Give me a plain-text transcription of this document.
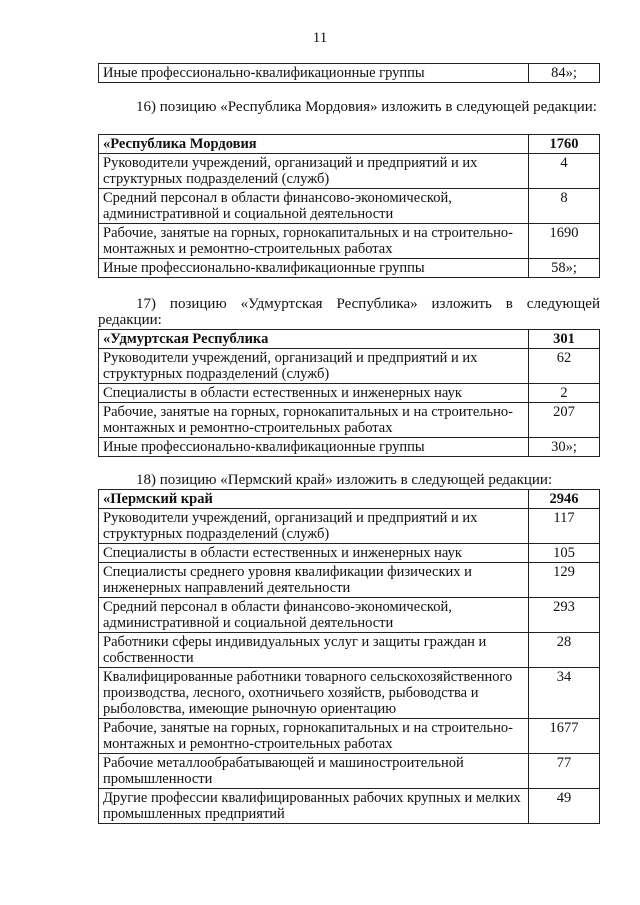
11
Иные профессионально-квалификационные группы	84»;

16) позицию «Республика Мордовия» изложить в следующей редакции:

«Республика Мордовия	1760
Руководители учреждений, организаций и предприятий и их структурных подразделений (служб)	4
Средний персонал в области финансово-экономической, административной и социальной деятельности	8
Рабочие, занятые на горных, горнокапитальных и на строительно-монтажных и ремонтно-строительных работах	1690
Иные профессионально-квалификационные группы	58»;

17) позицию «Удмуртская Республика» изложить в следующей редакции:

«Удмуртская Республика	301
Руководители учреждений, организаций и предприятий и их структурных подразделений (служб)	62
Специалисты в области естественных и инженерных наук	2
Рабочие, занятые на горных, горнокапитальных и на строительно-монтажных и ремонтно-строительных работах	207
Иные профессионально-квалификационные группы	30»;

18) позицию «Пермский край» изложить в следующей редакции:

«Пермский край	2946
Руководители учреждений, организаций и предприятий и их структурных подразделений (служб)	117
Специалисты в области естественных и инженерных наук	105
Специалисты среднего уровня квалификации физических и инженерных направлений деятельности	129
Средний персонал в области финансово-экономической, административной и социальной деятельности	293
Работники сферы индивидуальных услуг и защиты граждан и собственности	28
Квалифицированные работники товарного сельскохозяйственного производства, лесного, охотничьего хозяйств, рыбоводства и рыболовства, имеющие рыночную ориентацию	34
Рабочие, занятые на горных, горнокапитальных и на строительно-монтажных и ремонтно-строительных работах	1677
Рабочие металлообрабатывающей и машиностроительной промышленности	77
Другие профессии квалифицированных рабочих крупных и мелких промышленных предприятий	49
